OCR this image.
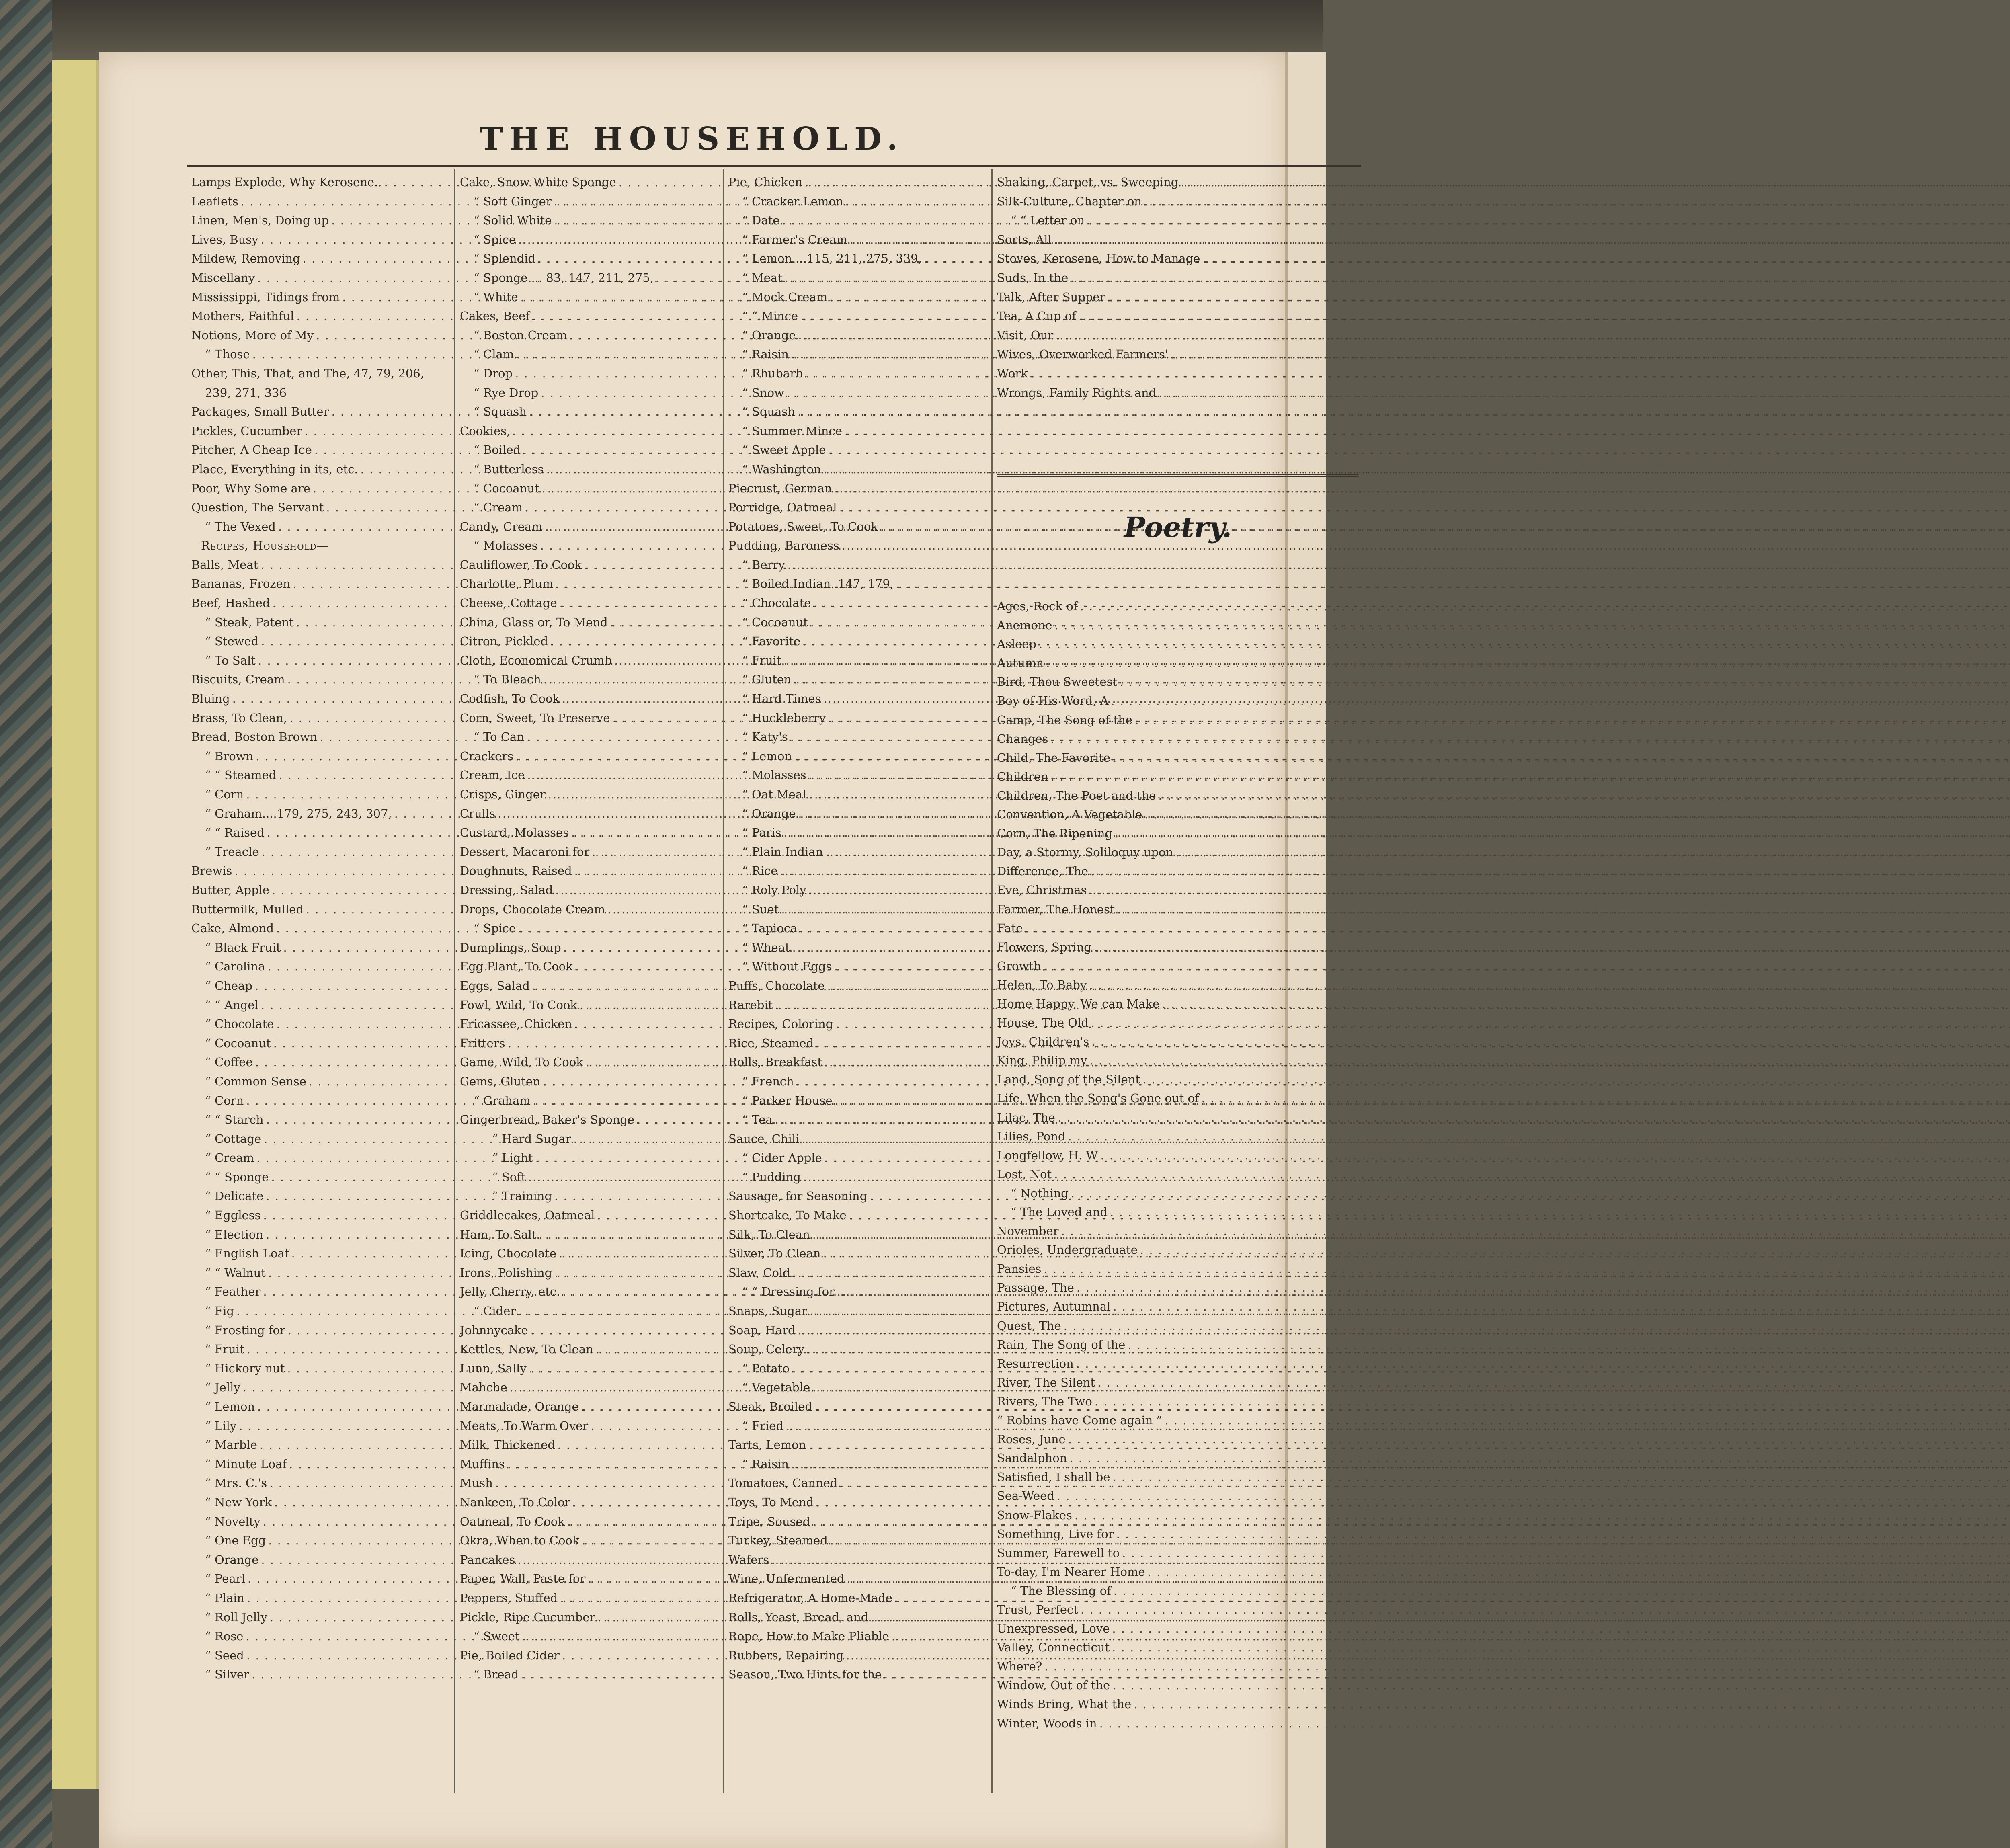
THE HOUSEHOLD.
Lamps Explode, Why Kerosene..
. . .
Leaflets
. . .
Linen, Men's, Doing up
. . .
Lives, Busy
. . .
Mildew, Removing
. . .
Miscellany
. . .
Mississippi, Tidings from
. . .
Mothers, Faithful
. . .
Notions, More of My
. . .
“ Those
. . .
Other, This, That, and The, 47, 79, 206,
239, 271, 336
Packages, Small Butter
. . .
Pickles, Cucumber
. . .
Pitcher, A Cheap Ice
. . .
Place, Everything in its, etc.
. . .
Poor, Why Some are
. . .
Question, The Servant
. . .
“ The Vexed
. . .
Recipes, Household—
Balls, Meat
. . .
Bananas, Frozen
. . .
Beef, Hashed
. . .
“ Steak, Patent
. . .
“ Stewed
. . .
“ To Salt
. . .
Biscuits, Cream
. . .
Bluing
. . .
Brass, To Clean,
. . .
Bread, Boston Brown
. . .
“ Brown
. . .
“ “ Steamed
. . .
“ Corn
. . .
“ Graham....179, 275, 243, 307,
. . .
“ “ Raised
. . .
“ Treacle
. . .
Brewis
. . .
Butter, Apple
. . .
Buttermilk, Mulled
. . .
Cake, Almond
. . .
“ Black Fruit
. . .
“ Carolina
. . .
“ Cheap
. . .
“ “ Angel
. . .
“ Chocolate
. . .
“ Cocoanut
. . .
“ Coffee
. . .
“ Common Sense
. . .
“ Corn
. . .
“ “ Starch
. . .
“ Cottage
. . .
“ Cream
. . .
“ “ Sponge
. . .
“ Delicate
. . .
“ Eggless
. . .
“ Election
. . .
“ English Loaf
. . .
“ “ Walnut
. . .
“ Feather
. . .
“ Fig
. . .
“ Frosting for
. . .
“ Fruit
. . .
“ Hickory nut
. . .
“ Jelly
. . .
“ Lemon
. . .
“ Lily
. . .
“ Marble
. . .
“ Minute Loaf
. . .
“ Mrs. C.'s
. . .
“ New York
. . .
“ Novelty
. . .
“ One Egg
. . .
“ Orange
. . .
“ Pearl
. . .
“ Plain
. . .
“ Roll Jelly
. . .
“ Rose
. . .
“ Seed
. . .
“ Silver
. . .
Cake, Snow White Sponge
. . .
“ Soft Ginger
. . .
“ Solid White
. . .
“ Spice
. . .
“ Splendid
. . .
“ Sponge ... 83, 147, 211, 275,
. . .
“ White
. . .
Cakes, Beef
. . .
“ Boston Cream
. . .
“ Clam
. . .
“ Drop
. . .
“ Rye Drop
. . .
“ Squash
. . .
Cookies,
. . .
“ Boiled
. . .
“ Butterless
. . .
“ Cocoanut
. . .
“ Cream
. . .
Candy, Cream
. . .
“ Molasses
. . .
Cauliflower, To Cook
. . .
Charlotte, Plum
. . .
Cheese, Cottage
. . .
China, Glass or, To Mend
. . .
Citron, Pickled
. . .
Cloth, Economical Crumb
. . .
“ To Bleach
. . .
Codfish, To Cook
. . .
Corn, Sweet, To Preserve
. . .
“ To Can
. . .
Crackers
. . .
Cream, Ice
. . .
Crisps, Ginger
. . .
Crulls
. . .
Custard, Molasses
. . .
Dessert, Macaroni for
. . .
Doughnuts, Raised
. . .
Dressing, Salad
. . .
Drops, Chocolate Cream
. . .
“ Spice
. . .
Dumplings, Soup
. . .
Egg Plant, To Cook
. . .
Eggs, Salad
. . .
Fowl, Wild, To Cook
. . .
Fricassee, Chicken
. . .
Fritters
. . .
Game, Wild, To Cook
. . .
Gems, Gluten
. . .
“ Graham
. . .
Gingerbread, Baker's Sponge
. . .
“ Hard Sugar
. . .
“ Light
. . .
“ Soft
. . .
“ Training
. . .
Griddlecakes, Oatmeal
. . .
Ham, To Salt
. . .
Icing, Chocolate
. . .
Irons, Polishing
. . .
Jelly, Cherry, etc.
. . .
“ Cider
. . .
Johnnycake
. . .
Kettles, New, To Clean
. . .
Lunn, Sally
. . .
Mahche
. . .
Marmalade, Orange
. . .
Meats, To Warm Over
. . .
Milk, Thickened
. . .
Muffins
. . .
Mush
. . .
Nankeen, To Color
. . .
Oatmeal, To Cook
. . .
Okra, When to Cook
. . .
Pancakes
. . .
Paper, Wall, Paste for
. . .
Peppers, Stuffed
. . .
Pickle, Ripe Cucumber
. . .
“ Sweet
. . .
Pie, Boiled Cider
. . .
“ Bread
. . .
Pie, Chicken
. . .
“ Cracker Lemon
. . .
“ Date
. . .
“ Farmer's Cream
. . .
“ Lemon....115, 211, 275, 339,
. . .
“ Meat
. . .
“ Mock Cream
. . .
“ “ Mince
. . .
“ Orange
. . .
“ Raisin
. . .
“ Rhubarb
. . .
“ Snow
. . .
“ Squash
. . .
“ Summer Mince
. . .
“ Sweet Apple
. . .
“ Washington
. . .
Piecrust, German
. . .
Porridge, Oatmeal
. . .
Potatoes, Sweet, To Cook
. . .
Pudding, Baroness
. . .
“ Berry
. . .
“ Boiled Indian..147, 179,
. . .
“ Chocolate
. . .
“ Cocoanut
. . .
“ Favorite
. . .
“ Fruit
. . .
“ Gluten
. . .
“ Hard Times
. . .
“ Huckleberry
. . .
“ Katy's
. . .
“ Lemon
. . .
“ Molasses
. . .
“ Oat Meal
. . .
“ Orange
. . .
“ Paris
. . .
“ Plain Indian
. . .
“ Rice
. . .
“ Roly Poly
. . .
“ Suet
. . .
“ Tapioca
. . .
“ Wheat
. . .
“ Without Eggs
. . .
Puffs, Chocolate
. . .
Rarebit
. . .
Recipes, Coloring
. . .
Rice, Steamed
. . .
Rolls, Breakfast
. . .
“ French
. . .
“ Parker House
. . .
“ Tea
. . .
Sauce, Chili
. . .
“ Cider Apple
. . .
“ Pudding
. . .
Sausage, for Seasoning
. . .
Shortcake, To Make
. . .
Silk, To Clean
. . .
Silver, To Clean
. . .
Slaw, Cold
. . .
“ “ Dressing for
. . .
Snaps, Sugar
. . .
Soap, Hard
. . .
Soup, Celery
. . .
“ Potato
. . .
“ Vegetable
. . .
Steak, Broiled
. . .
“ Fried
. . .
Tarts, Lemon
. . .
“ Raisin
. . .
Tomatoes, Canned
. . .
Toys, To Mend
. . .
Tripe, Soused
. . .
Turkey, Steamed
. . .
Wafers
. . .
Wine, Unfermented
. . .
Refrigerator, A Home-Made
. . .
Rolls, Yeast, Bread, and
. . .
Rope, How to Make Pliable
. . .
Rubbers, Repairing
. . .
Season, Two Hints for the
. . .
Shaking, Carpet, vs. Sweeping
. . .
Silk-Culture, Chapter on
. . .
“ “ Letter on
. . .
Sorts, All
. . .
Stoves, Kerosene, How to Manage
. . .
Suds, In the
. . .
Talk, After Supper
. . .
Tea, A Cup of
. . .
Visit, Our
. . .
Wives, Overworked Farmers'
. . .
Work
. . .
Wrongs, Family Rights and
. . .
Poetry.
Ages, Rock of
. . .
Anemone
. . .
Asleep
. . .
Autumn
. . .
Bird, Thou Sweetest
. . .
Boy of His Word, A
. . .
Camp, The Song of the
. . .
Changes
. . .
Child, The Favorite
. . .
Children
. . .
Children, The Poet and the
. . .
Convention, A Vegetable
. . .
Corn, The Ripening
. . .
Day, a Stormy, Soliloquy upon
. . .
Difference, The
. . .
Eve, Christmas
. . .
Farmer, The Honest
. . .
Fate
. . .
Flowers, Spring
. . .
Growth
. . .
Helen, To Baby
. . .
Home Happy, We can Make
. . .
House, The Old
. . .
Joys, Children's
. . .
King, Philip my
. . .
Land, Song of the Silent
. . .
Life, When the Song's Gone out of
. . .
Lilac, The
. . .
Lilies, Pond
. . .
Longfellow, H. W
. . .
Lost, Not
. . .
“ Nothing
. . .
“ The Loved and
. . .
November
. . .
Orioles, Undergraduate
. . .
Pansies
. . .
Passage, The
. . .
Pictures, Autumnal
. . .
Quest, The
. . .
Rain, The Song of the
. . .
Resurrection
. . .
River, The Silent
. . .
Rivers, The Two
. . .
“ Robins have Come again ”
. . .
Roses, June
. . .
Sandalphon
. . .
Satisfied, I shall be
. . .
Sea-Weed
. . .
Snow-Flakes
. . .
Something, Live for
. . .
Summer, Farewell to
. . .
To-day, I'm Nearer Home
. . .
“ The Blessing of
. . .
Trust, Perfect
. . .
Unexpressed, Love
. . .
Valley, Connecticut
. . .
Where?
. . .
Window, Out of the
. . .
Winds Bring, What the
. . .
Winter, Woods in
. . .
